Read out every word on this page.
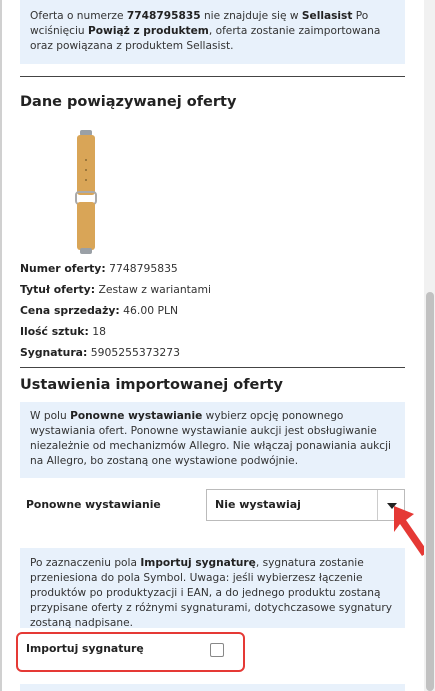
Oferta o numerze 7748795835 nie znajduje się w Sellasist Po wciśnięciu Powiąż z produktem, oferta zostanie zaimportowana oraz powiązana z produktem Sellasist.
Dane powiązywanej oferty
Numer oferty: 7748795835
Tytuł oferty: Zestaw z wariantami
Cena sprzedaży: 46.00 PLN
Ilość sztuk: 18
Sygnatura: 5905255373273
Ustawienia importowanej oferty
W polu Ponowne wystawianie wybierz opcję ponownego wystawiania ofert. Ponowne wystawianie aukcji jest obsługiwanie niezależnie od mechanizmów Allegro. Nie włączaj ponawiania aukcji na Allegro, bo zostaną one wystawione podwójnie.
Ponowne wystawianie	Nie wystawiaj
Po zaznaczeniu pola Importuj sygnaturę, sygnatura zostanie przeniesiona do pola Symbol. Uwaga: jeśli wybierzesz łączenie produktów po produktyzacji i EAN, a do jednego produktu zostaną przypisane oferty z różnymi sygnaturami, dotychczasowe sygnatury zostaną nadpisane.
Importuj sygnaturę
